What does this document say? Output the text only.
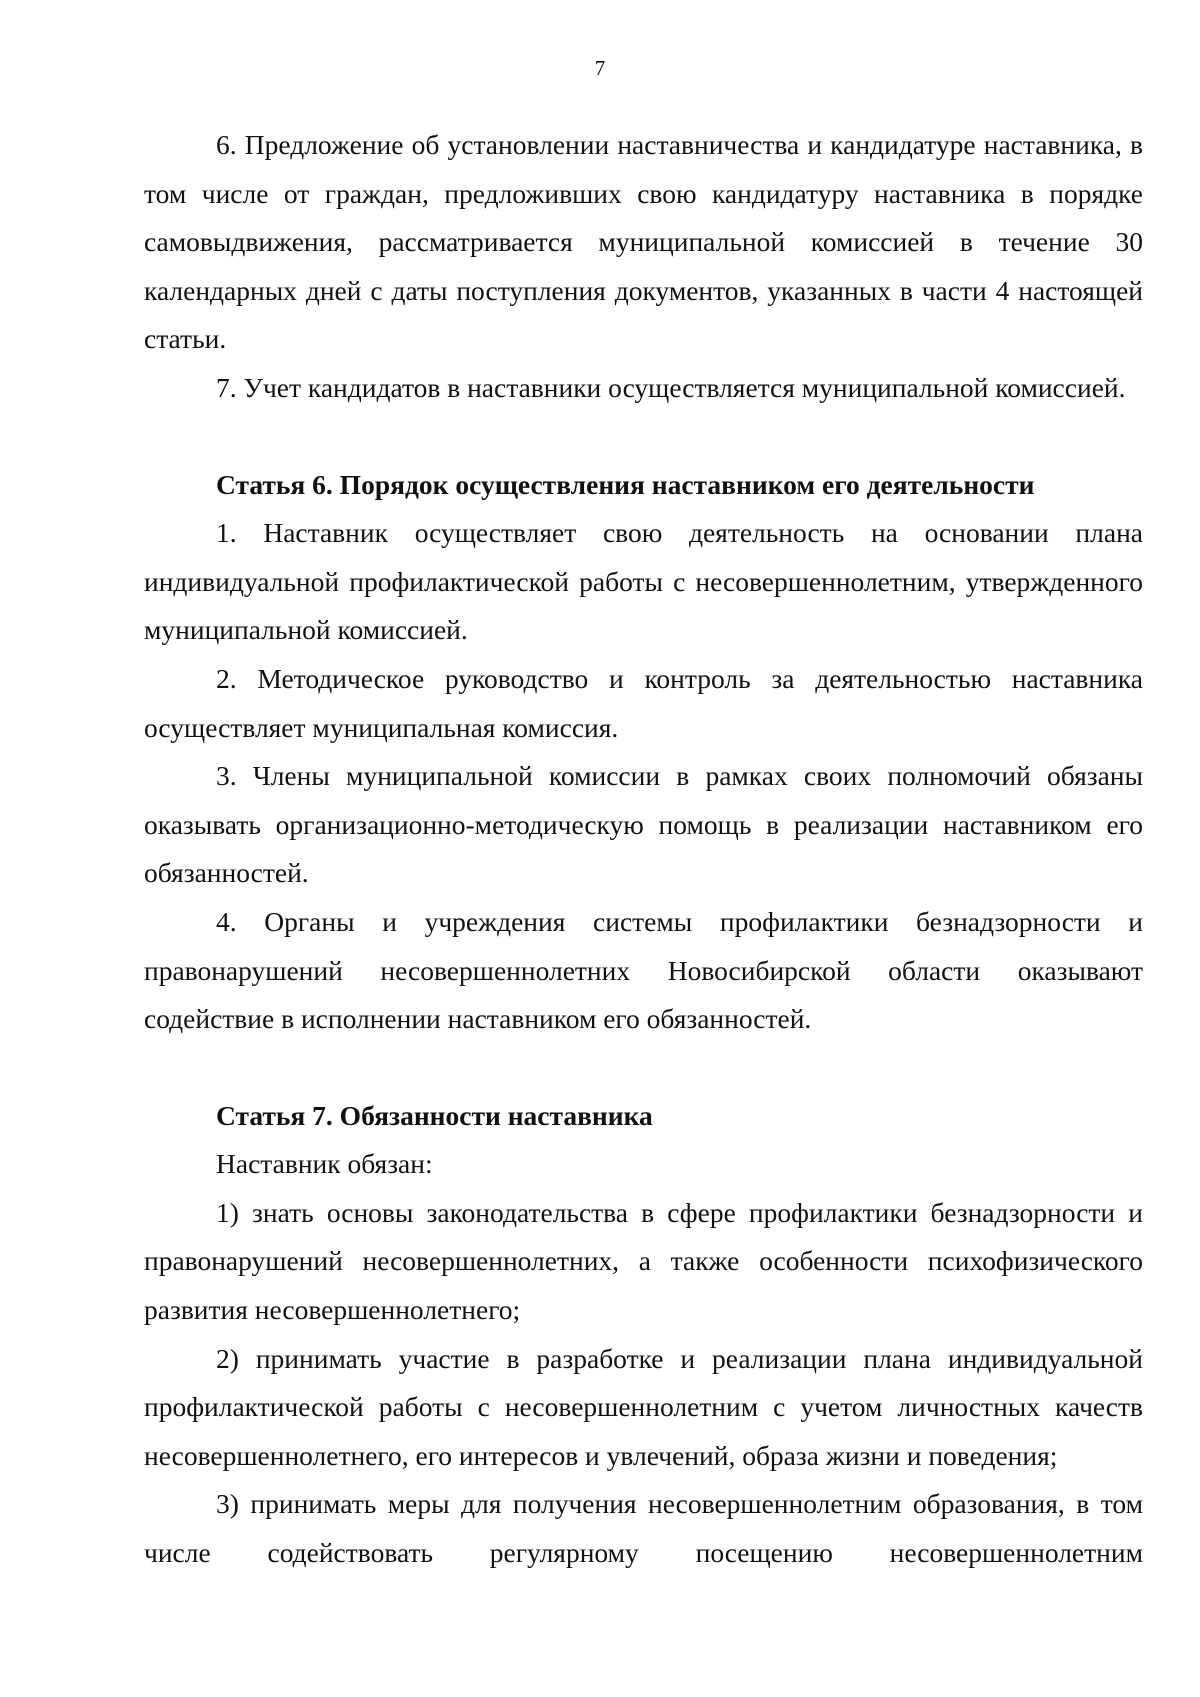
7

6. Предложение об установлении наставничества и кандидатуре наставника, в том числе от граждан, предложивших свою кандидатуру наставника в порядке самовыдвижения, рассматривается муниципальной комиссией в течение 30 календарных дней с даты поступления документов, указанных в части 4 настоящей статьи.

7. Учет кандидатов в наставники осуществляется муниципальной комиссией.

Статья 6. Порядок осуществления наставником его деятельности

1. Наставник осуществляет свою деятельность на основании плана индивидуальной профилактической работы с несовершеннолетним, утвержденного муниципальной комиссией.

2. Методическое руководство и контроль за деятельностью наставника осуществляет муниципальная комиссия.

3. Члены муниципальной комиссии в рамках своих полномочий обязаны оказывать организационно-методическую помощь в реализации наставником его обязанностей.

4. Органы и учреждения системы профилактики безнадзорности и правонарушений несовершеннолетних Новосибирской области оказывают содействие в исполнении наставником его обязанностей.

Статья 7. Обязанности наставника

Наставник обязан:

1) знать основы законодательства в сфере профилактики безнадзорности и правонарушений несовершеннолетних, а также особенности психофизического развития несовершеннолетнего;

2) принимать участие в разработке и реализации плана индивидуальной профилактической работы с несовершеннолетним с учетом личностных качеств несовершеннолетнего, его интересов и увлечений, образа жизни и поведения;

3) принимать меры для получения несовершеннолетним образования, в том числе содействовать регулярному посещению несовершеннолетним
